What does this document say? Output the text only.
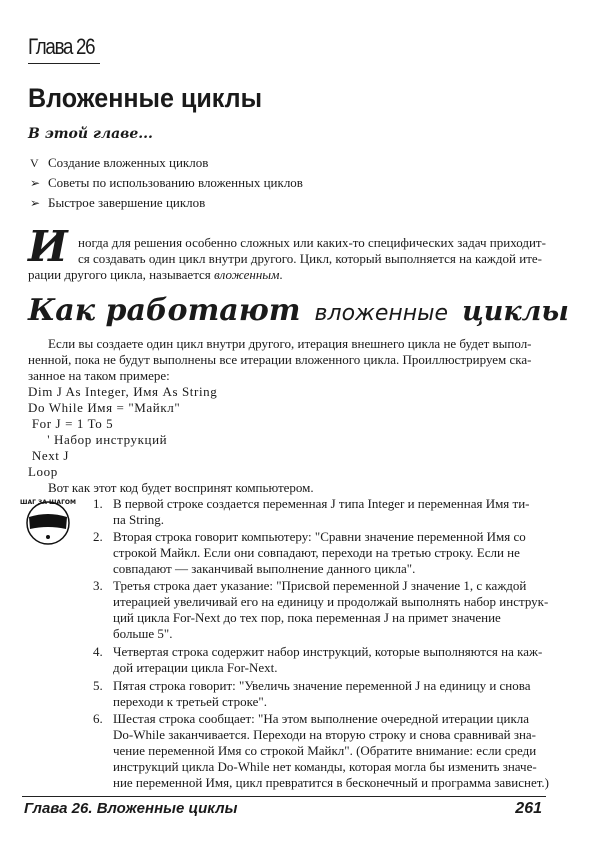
Глава 26
Вложенные циклы
В этой главе...
V Создание вложенных циклов
➢ Советы по использованию вложенных циклов
➢ Быстрое завершение циклов
И ногда для решения особенно сложных или каких-то специфических задач приходит-
ся создавать один цикл внутри другого. Цикл, который выполняется на каждой ите-
рации другого цикла, называется вложенным.
Как работают вложенные циклы
Если вы создаете один цикл внутри другого, итерация внешнего цикла не будет выпол-
ненной, пока не будут выполнены все итерации вложенного цикла. Проиллюстрируем ска-
занное на таком примере:
Dim J As Integer, Имя As String
Do While Имя = "Майкл"
For J = 1 To 5
' Набор инструкций
Next J
Loop
Вот как этот код будет воспринят компьютером.
ШАГ ЗА ШАГОМ 1. В первой строке создается переменная J типа Integer и переменная Имя ти-
па String.
2. Вторая строка говорит компьютеру: "Сравни значение переменной Имя со
строкой Майкл. Если они совпадают, переходи на третью строку. Если не
совпадают — заканчивай выполнение данного цикла".
3. Третья строка дает указание: "Присвой переменной J значение 1, с каждой
итерацией увеличивай его на единицу и продолжай выполнять набор инструк-
ций цикла For-Next до тех пор, пока переменная J на примет значение
больше 5".
4. Четвертая строка содержит набор инструкций, которые выполняются на каж-
дой итерации цикла For-Next.
5. Пятая строка говорит: "Увеличь значение переменной J на единицу и снова
переходи к третьей строке".
6. Шестая строка сообщает: "На этом выполнение очередной итерации цикла
Do-While заканчивается. Переходи на вторую строку и снова сравнивай зна-
чение переменной Имя со строкой Майкл". (Обратите внимание: если среди
инструкций цикла Do-While нет команды, которая могла бы изменить значе-
ние переменной Имя, цикл превратится в бесконечный и программа зависнет.)
Глава 26. Вложенные циклы	261
